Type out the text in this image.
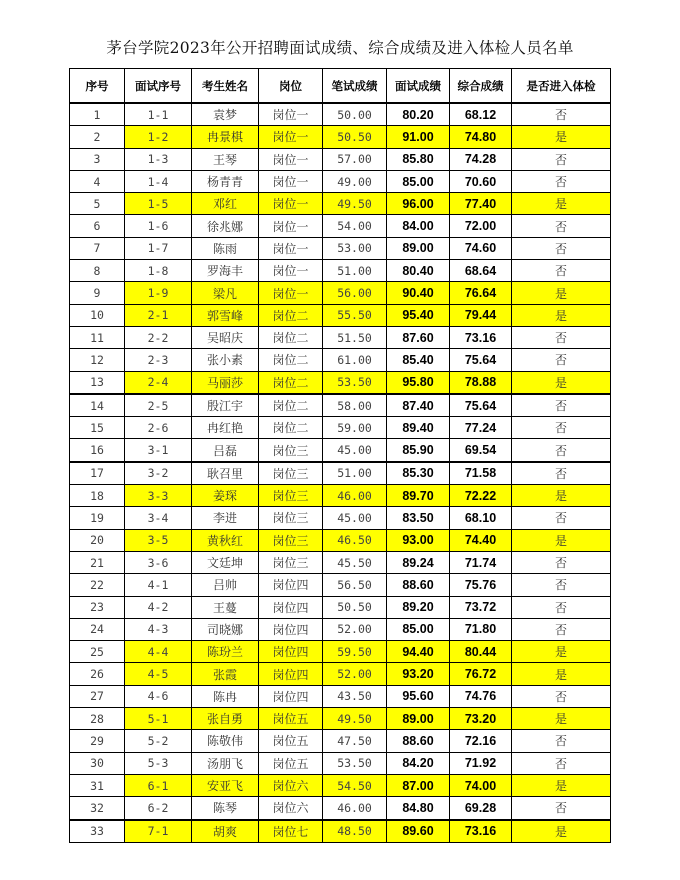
茅台学院2023年公开招聘面试成绩、综合成绩及进入体检人员名单
序号	面试序号	考生姓名	岗位	笔试成绩	面试成绩	综合成绩	是否进入体检
1	1-1	袁梦	岗位一	50.00	80.20	68.12	否
2	1-2	冉景棋	岗位一	50.50	91.00	74.80	是
3	1-3	王琴	岗位一	57.00	85.80	74.28	否
4	1-4	杨青青	岗位一	49.00	85.00	70.60	否
5	1-5	邓红	岗位一	49.50	96.00	77.40	是
6	1-6	徐兆娜	岗位一	54.00	84.00	72.00	否
7	1-7	陈雨	岗位一	53.00	89.00	74.60	否
8	1-8	罗海丰	岗位一	51.00	80.40	68.64	否
9	1-9	梁凡	岗位一	56.00	90.40	76.64	是
10	2-1	郭雪峰	岗位二	55.50	95.40	79.44	是
11	2-2	吴昭庆	岗位二	51.50	87.60	73.16	否
12	2-3	张小素	岗位二	61.00	85.40	75.64	否
13	2-4	马丽莎	岗位二	53.50	95.80	78.88	是
14	2-5	殷江宇	岗位二	58.00	87.40	75.64	否
15	2-6	冉红艳	岗位二	59.00	89.40	77.24	否
16	3-1	吕磊	岗位三	45.00	85.90	69.54	否
17	3-2	耿召里	岗位三	51.00	85.30	71.58	否
18	3-3	姜琛	岗位三	46.00	89.70	72.22	是
19	3-4	李进	岗位三	45.00	83.50	68.10	否
20	3-5	黄秋红	岗位三	46.50	93.00	74.40	是
21	3-6	文廷坤	岗位三	45.50	89.24	71.74	否
22	4-1	吕帅	岗位四	56.50	88.60	75.76	否
23	4-2	王蔓	岗位四	50.50	89.20	73.72	否
24	4-3	司晓娜	岗位四	52.00	85.00	71.80	否
25	4-4	陈玢兰	岗位四	59.50	94.40	80.44	是
26	4-5	张霞	岗位四	52.00	93.20	76.72	是
27	4-6	陈冉	岗位四	43.50	95.60	74.76	否
28	5-1	张自勇	岗位五	49.50	89.00	73.20	是
29	5-2	陈敬伟	岗位五	47.50	88.60	72.16	否
30	5-3	汤朋飞	岗位五	53.50	84.20	71.92	否
31	6-1	安亚飞	岗位六	54.50	87.00	74.00	是
32	6-2	陈琴	岗位六	46.00	84.80	69.28	否
33	7-1	胡爽	岗位七	48.50	89.60	73.16	是
